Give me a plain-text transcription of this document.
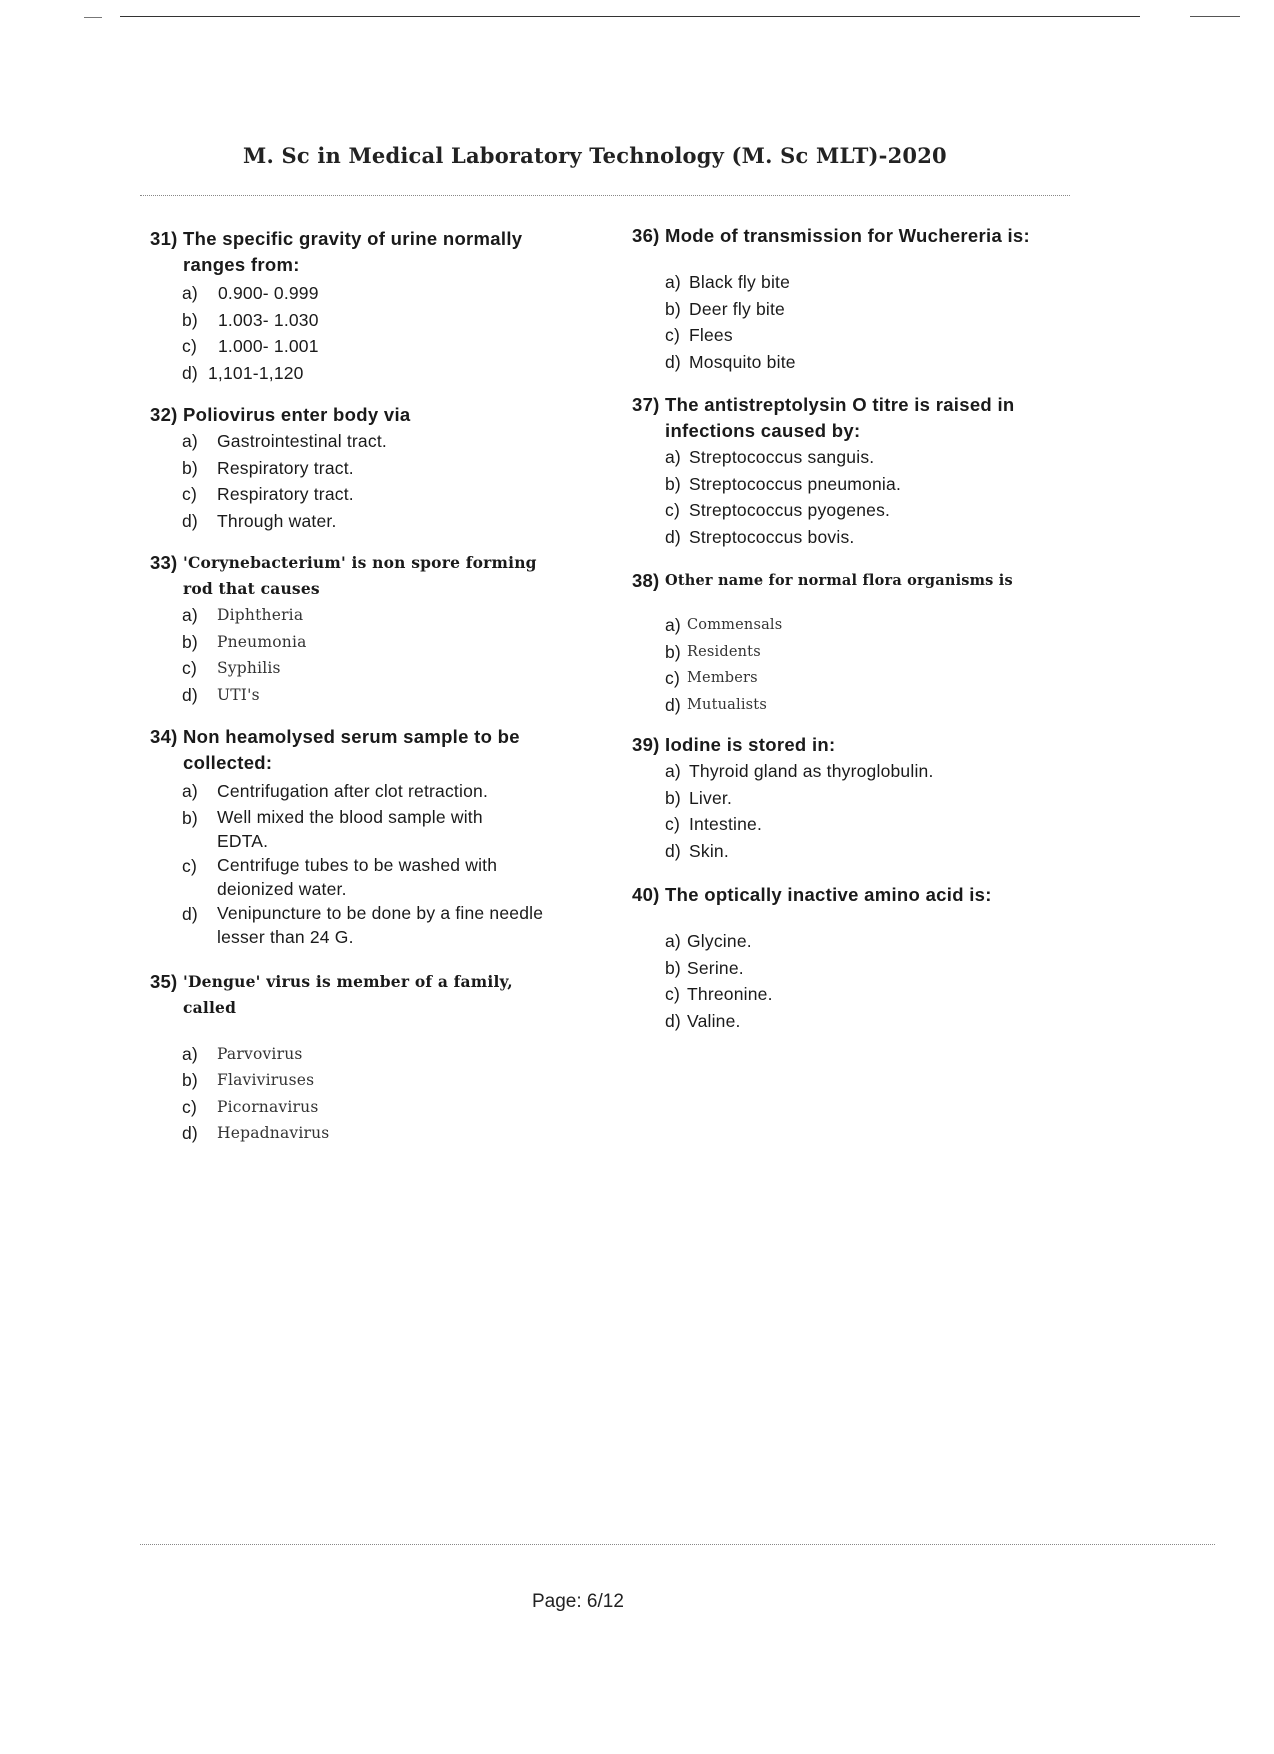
M. Sc in Medical Laboratory Technology (M. Sc MLT)-2020
31) The specific gravity of urine normally ranges from:
a)	0.900- 0.999
b)	1.003- 1.030
c)	1.000- 1.001
d) 1,101-1,120
32) Poliovirus enter body via
a)	Gastrointestinal tract.
b)	Respiratory tract.
c)	Respiratory tract.
d)	Through water.
33) 'Corynebacterium' is non spore forming rod that causes
a)	Diphtheria
b)	Pneumonia
c)	Syphilis
d)	UTI's
34) Non heamolysed serum sample to be collected:
a)	Centrifugation after clot retraction.
b)	Well mixed the blood sample with EDTA.
c)	Centrifuge tubes to be washed with deionized water.
d)	Venipuncture to be done by a fine needle lesser than 24 G.
35) 'Dengue' virus is member of a family, called
a)	Parvovirus
b)	Flaviviruses
c)	Picornavirus
d)	Hepadnavirus
36) Mode of transmission for Wuchereria is:
a) Black fly bite
b) Deer fly bite
c) Flees
d) Mosquito bite
37) The antistreptolysin O titre is raised in infections caused by:
a) Streptococcus sanguis.
b) Streptococcus pneumonia.
c) Streptococcus pyogenes.
d) Streptococcus bovis.
38) Other name for normal flora organisms is
a) Commensals
b) Residents
c) Members
d) Mutualists
39) Iodine is stored in:
a) Thyroid gland as thyroglobulin.
b) Liver.
c) Intestine.
d) Skin.
40) The optically inactive amino acid is:
a) Glycine.
b) Serine.
c) Threonine.
d) Valine.
Page: 6/12
